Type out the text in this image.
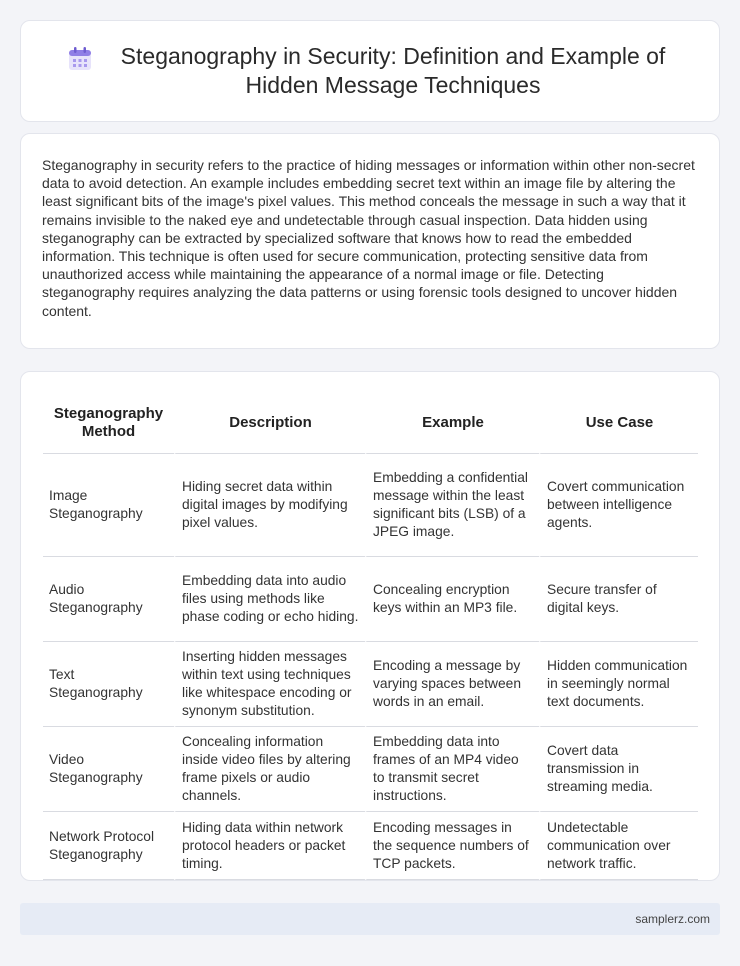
Steganography in Security: Definition and Example of Hidden Message Techniques

Steganography in security refers to the practice of hiding messages or information within other non-secret data to avoid detection. An example includes embedding secret text within an image file by altering the least significant bits of the image's pixel values. This method conceals the message in such a way that it remains invisible to the naked eye and undetectable through casual inspection. Data hidden using steganography can be extracted by specialized software that knows how to read the embedded information. This technique is often used for secure communication, protecting sensitive data from unauthorized access while maintaining the appearance of a normal image or file. Detecting steganography requires analyzing the data patterns or using forensic tools designed to uncover hidden content.

Steganography Method	Description	Example	Use Case
Image Steganography	Hiding secret data within digital images by modifying pixel values.	Embedding a confidential message within the least significant bits (LSB) of a JPEG image.	Covert communication between intelligence agents.
Audio Steganography	Embedding data into audio files using methods like phase coding or echo hiding.	Concealing encryption keys within an MP3 file.	Secure transfer of digital keys.
Text Steganography	Inserting hidden messages within text using techniques like whitespace encoding or synonym substitution.	Encoding a message by varying spaces between words in an email.	Hidden communication in seemingly normal text documents.
Video Steganography	Concealing information inside video files by altering frame pixels or audio channels.	Embedding data into frames of an MP4 video to transmit secret instructions.	Covert data transmission in streaming media.
Network Protocol Steganography	Hiding data within network protocol headers or packet timing.	Encoding messages in the sequence numbers of TCP packets.	Undetectable communication over network traffic.
samplerz.com
